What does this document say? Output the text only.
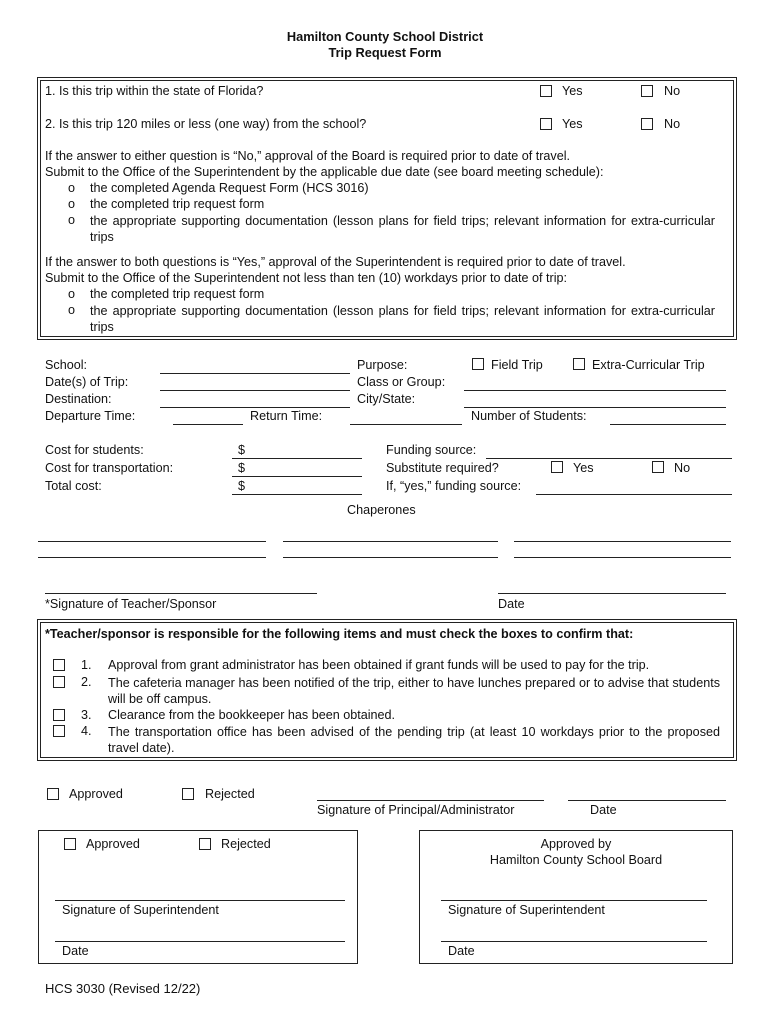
Hamilton County School District
Trip Request Form
1. Is this trip within the state of Florida?	Yes	No
2. Is this trip 120 miles or less (one way) from the school?	Yes	No
If the answer to either question is “No,” approval of the Board is required prior to date of travel.
Submit to the Office of the Superintendent by the applicable due date (see board meeting schedule):
o the completed Agenda Request Form (HCS 3016)
o the completed trip request form
o the appropriate supporting documentation (lesson plans for field trips; relevant information for extra-curricular trips
If the answer to both questions is “Yes,” approval of the Superintendent is required prior to date of travel.
Submit to the Office of the Superintendent not less than ten (10) workdays prior to date of trip:
o the completed trip request form
o the appropriate supporting documentation (lesson plans for field trips; relevant information for extra-curricular trips
School:
Date(s) of Trip:
Destination:
Departure Time:	Return Time:
Purpose:	Field Trip	Extra-Curricular Trip
Class or Group:
City/State:
Number of Students:
Cost for students:	$
Cost for transportation:	$
Total cost:	$
Funding source:
Substitute required?	Yes	No
If, “yes,” funding source:
Chaperones
*Signature of Teacher/Sponsor	Date
*Teacher/sponsor is responsible for the following items and must check the boxes to confirm that:
1. Approval from grant administrator has been obtained if grant funds will be used to pay for the trip.
2. The cafeteria manager has been notified of the trip, either to have lunches prepared or to advise that students will be off campus.
3. Clearance from the bookkeeper has been obtained.
4. The transportation office has been advised of the pending trip (at least 10 workdays prior to the proposed travel date).
Approved	Rejected
Signature of Principal/Administrator	Date
Approved	Rejected
Signature of Superintendent
Date
Approved by
Hamilton County School Board
Signature of Superintendent
Date
HCS 3030 (Revised 12/22)
